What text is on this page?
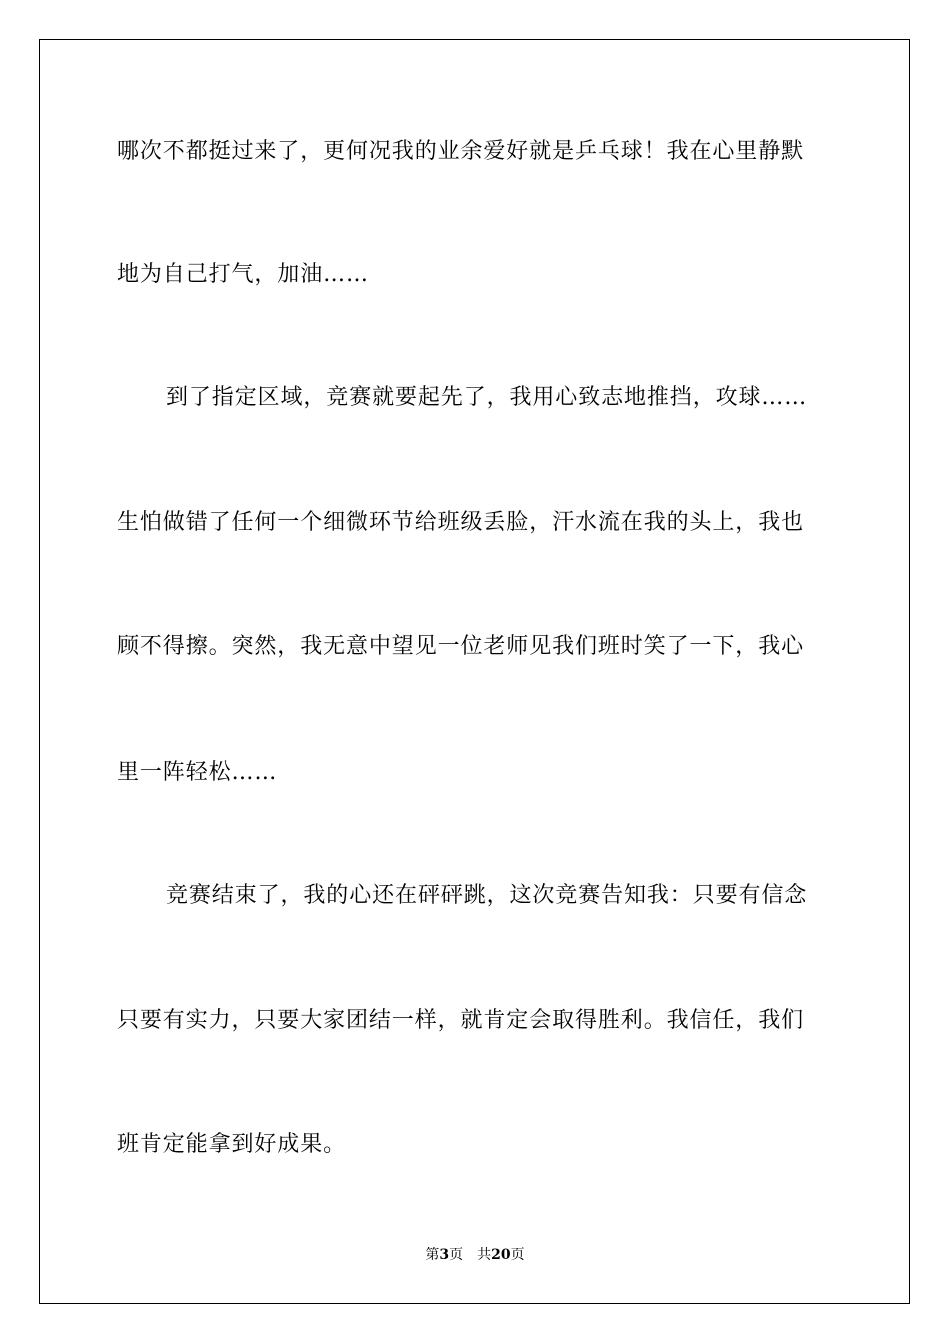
哪次不都挺过来了，更何况我的业余爱好就是乒乓球！我在心里静默
地为自己打气，加油……
到了指定区域，竞赛就要起先了，我用心致志地推挡，攻球……
生怕做错了任何一个细微环节给班级丢脸，汗水流在我的头上，我也
顾不得擦。突然，我无意中望见一位老师见我们班时笑了一下，我心
里一阵轻松……
竞赛结束了，我的心还在砰砰跳，这次竞赛告知我：只要有信念
只要有实力，只要大家团结一样，就肯定会取得胜利。我信任，我们
班肯定能拿到好成果。
第3页 共20页
